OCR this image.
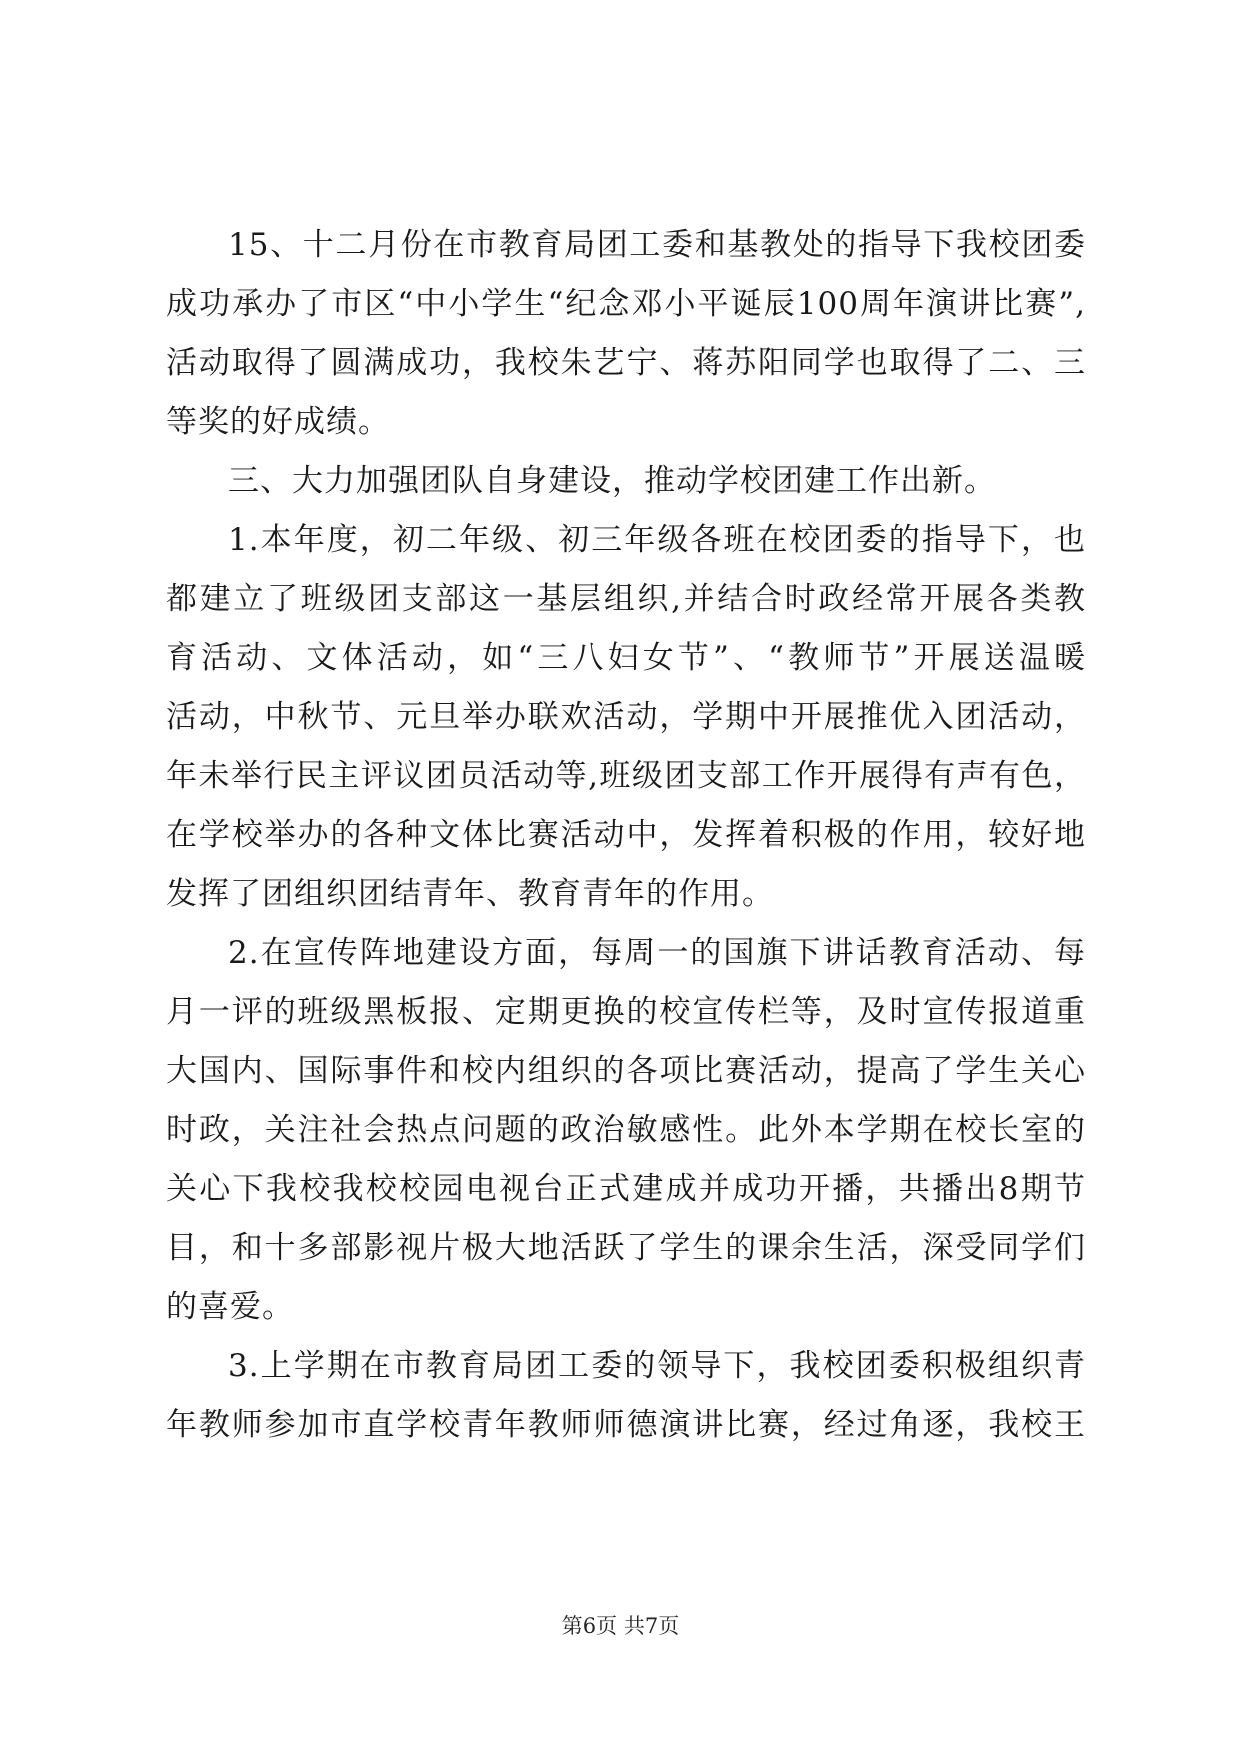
15、十二月份在市教育局团工委和基教处的指导下我校团委
成功承办了市区“中小学生“纪念邓小平诞辰100周年演讲比赛”,
活动取得了圆满成功，我校朱艺宁、蒋苏阳同学也取得了二、三
等奖的好成绩。
三、大力加强团队自身建设，推动学校团建工作出新。
1.本年度，初二年级、初三年级各班在校团委的指导下，也
都建立了班级团支部这一基层组织,并结合时政经常开展各类教
育活动、文体活动，如“三八妇女节”、“教师节”开展送温暖
活动，中秋节、元旦举办联欢活动，学期中开展推优入团活动，
年未举行民主评议团员活动等,班级团支部工作开展得有声有色，
在学校举办的各种文体比赛活动中，发挥着积极的作用，较好地
发挥了团组织团结青年、教育青年的作用。
2.在宣传阵地建设方面，每周一的国旗下讲话教育活动、每
月一评的班级黑板报、定期更换的校宣传栏等，及时宣传报道重
大国内、国际事件和校内组织的各项比赛活动，提高了学生关心
时政，关注社会热点问题的政治敏感性。此外本学期在校长室的
关心下我校我校校园电视台正式建成并成功开播，共播出8期节
目，和十多部影视片极大地活跃了学生的课余生活，深受同学们
的喜爱。
3.上学期在市教育局团工委的领导下，我校团委积极组织青
年教师参加市直学校青年教师师德演讲比赛，经过角逐，我校王
第6页 共7页
